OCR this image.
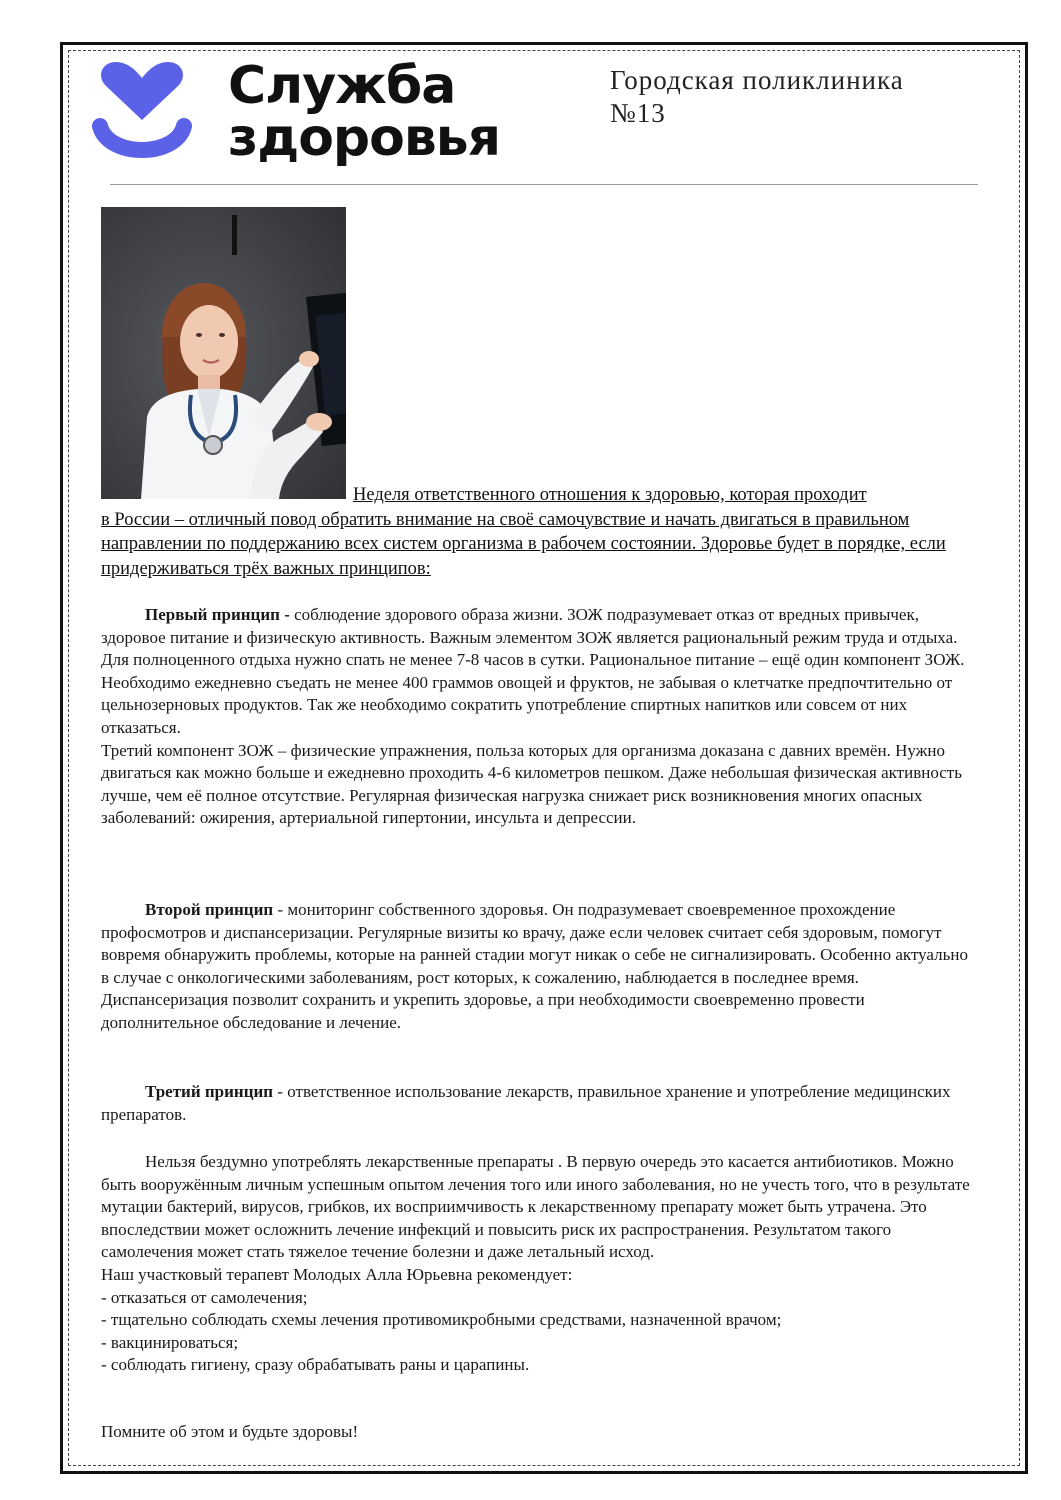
Служба
здоровья
Городская поликлиника
№13
Неделя ответственного отношения к здоровью, которая проходит
в России – отличный повод обратить внимание на своё самочувствие и начать двигаться в правильном направлении по поддержанию всех систем организма в рабочем состоянии. Здоровье будет в порядке, если придерживаться трёх важных принципов:

Первый принцип - соблюдение здорового образа жизни. ЗОЖ подразумевает отказ от вредных привычек, здоровое питание и физическую активность. Важным элементом ЗОЖ является рациональный режим труда и отдыха. Для полноценного отдыха нужно спать не менее 7-8 часов в сутки. Рациональное питание – ещё один компонент ЗОЖ. Необходимо ежедневно съедать не менее 400 граммов овощей и фруктов, не забывая о клетчатке предпочтительно от цельнозерновых продуктов. Так же необходимо сократить употребление спиртных напитков или совсем от них отказаться.

Третий компонент ЗОЖ – физические упражнения, польза которых для организма доказана с давних времён. Нужно двигаться как можно больше и ежедневно проходить 4-6 километров пешком. Даже небольшая физическая активность лучше, чем её полное отсутствие. Регулярная физическая нагрузка снижает риск возникновения многих опасных заболеваний: ожирения, артериальной гипертонии, инсульта и депрессии.

Второй принцип - мониторинг собственного здоровья. Он подразумевает своевременное прохождение профосмотров и диспансеризации. Регулярные визиты ко врачу, даже если человек считает себя здоровым, помогут вовремя обнаружить проблемы, которые на ранней стадии могут никак о себе не сигнализировать. Особенно актуально в случае с онкологическими заболеваниям, рост которых, к сожалению, наблюдается в последнее время. Диспансеризация позволит сохранить и укрепить здоровье, а при необходимости своевременно провести дополнительное обследование и лечение.

Третий принцип - ответственное использование лекарств, правильное хранение и употребление медицинских препаратов.

Нельзя бездумно употреблять лекарственные препараты . В первую очередь это касается антибиотиков. Можно быть вооружённым личным успешным опытом лечения того или иного заболевания, но не учесть того, что в результате мутации бактерий, вирусов, грибков, их восприимчивость к лекарственному препарату может быть утрачена. Это впоследствии может осложнить лечение инфекций и повысить риск их распространения. Результатом такого самолечения может стать тяжелое течение болезни и даже летальный исход.

Наш участковый терапевт Молодых Алла Юрьевна рекомендует:

- отказаться от самолечения;
- тщательно соблюдать схемы лечения противомикробными средствами, назначенной врачом;
- вакцинироваться;
- соблюдать гигиену, сразу обрабатывать раны и царапины.
Помните об этом и будьте здоровы!
